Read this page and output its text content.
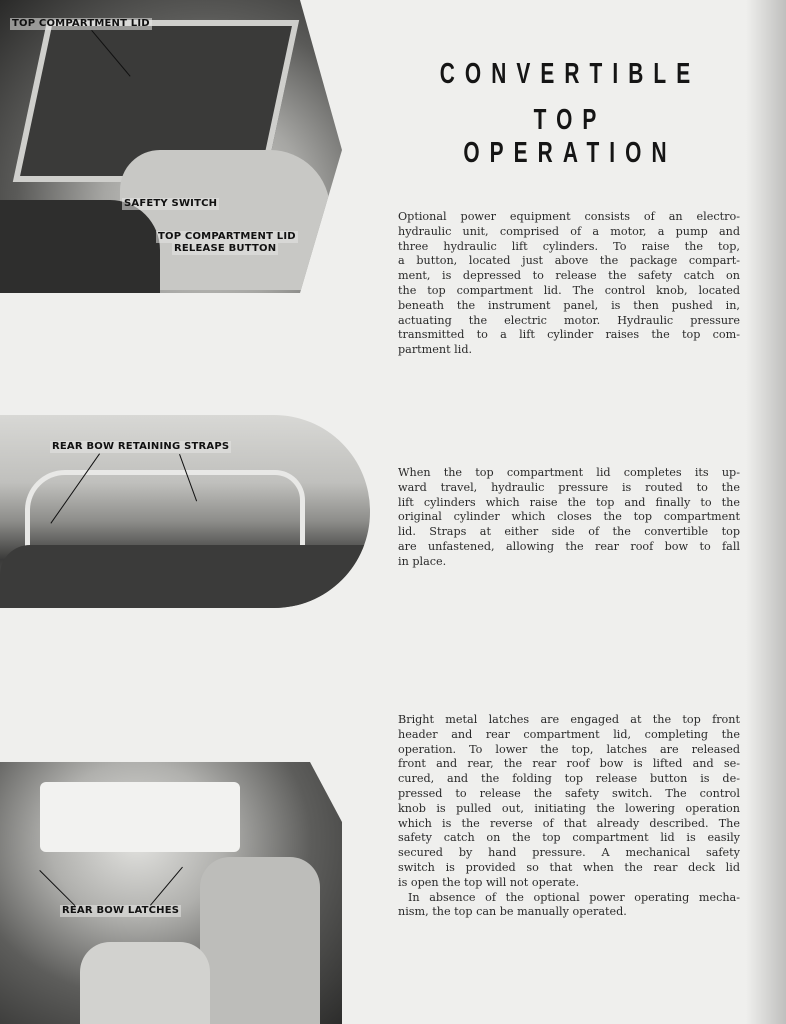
TOP COMPARTMENT LID
SAFETY SWITCH
TOP COMPARTMENT LID
RELEASE BUTTON
REAR BOW RETAINING STRAPS
REAR BOW LATCHES
CONVERTIBLE
TOP OPERATION
Optional power equipment consists of an electro-
hydraulic unit, comprised of a motor, a pump and
three hydraulic lift cylinders. To raise the top,
a button, located just above the package compart-
ment, is depressed to release the safety catch on
the top compartment lid. The control knob, located
beneath the instrument panel, is then pushed in,
actuating the electric motor. Hydraulic pressure
transmitted to a lift cylinder raises the top com-
partment lid.
When the top compartment lid completes its up-
ward travel, hydraulic pressure is routed to the
lift cylinders which raise the top and finally to the
original cylinder which closes the top compartment
lid. Straps at either side of the convertible top
are unfastened, allowing the rear roof bow to fall
in place.
Bright metal latches are engaged at the top front
header and rear compartment lid, completing the
operation. To lower the top, latches are released
front and rear, the rear roof bow is lifted and se-
cured, and the folding top release button is de-
pressed to release the safety switch. The control
knob is pulled out, initiating the lowering operation
which is the reverse of that already described. The
safety catch on the top compartment lid is easily
secured by hand pressure. A mechanical safety
switch is provided so that when the rear deck lid
is open the top will not operate.
In absence of the optional power operating mecha-
nism, the top can be manually operated.
